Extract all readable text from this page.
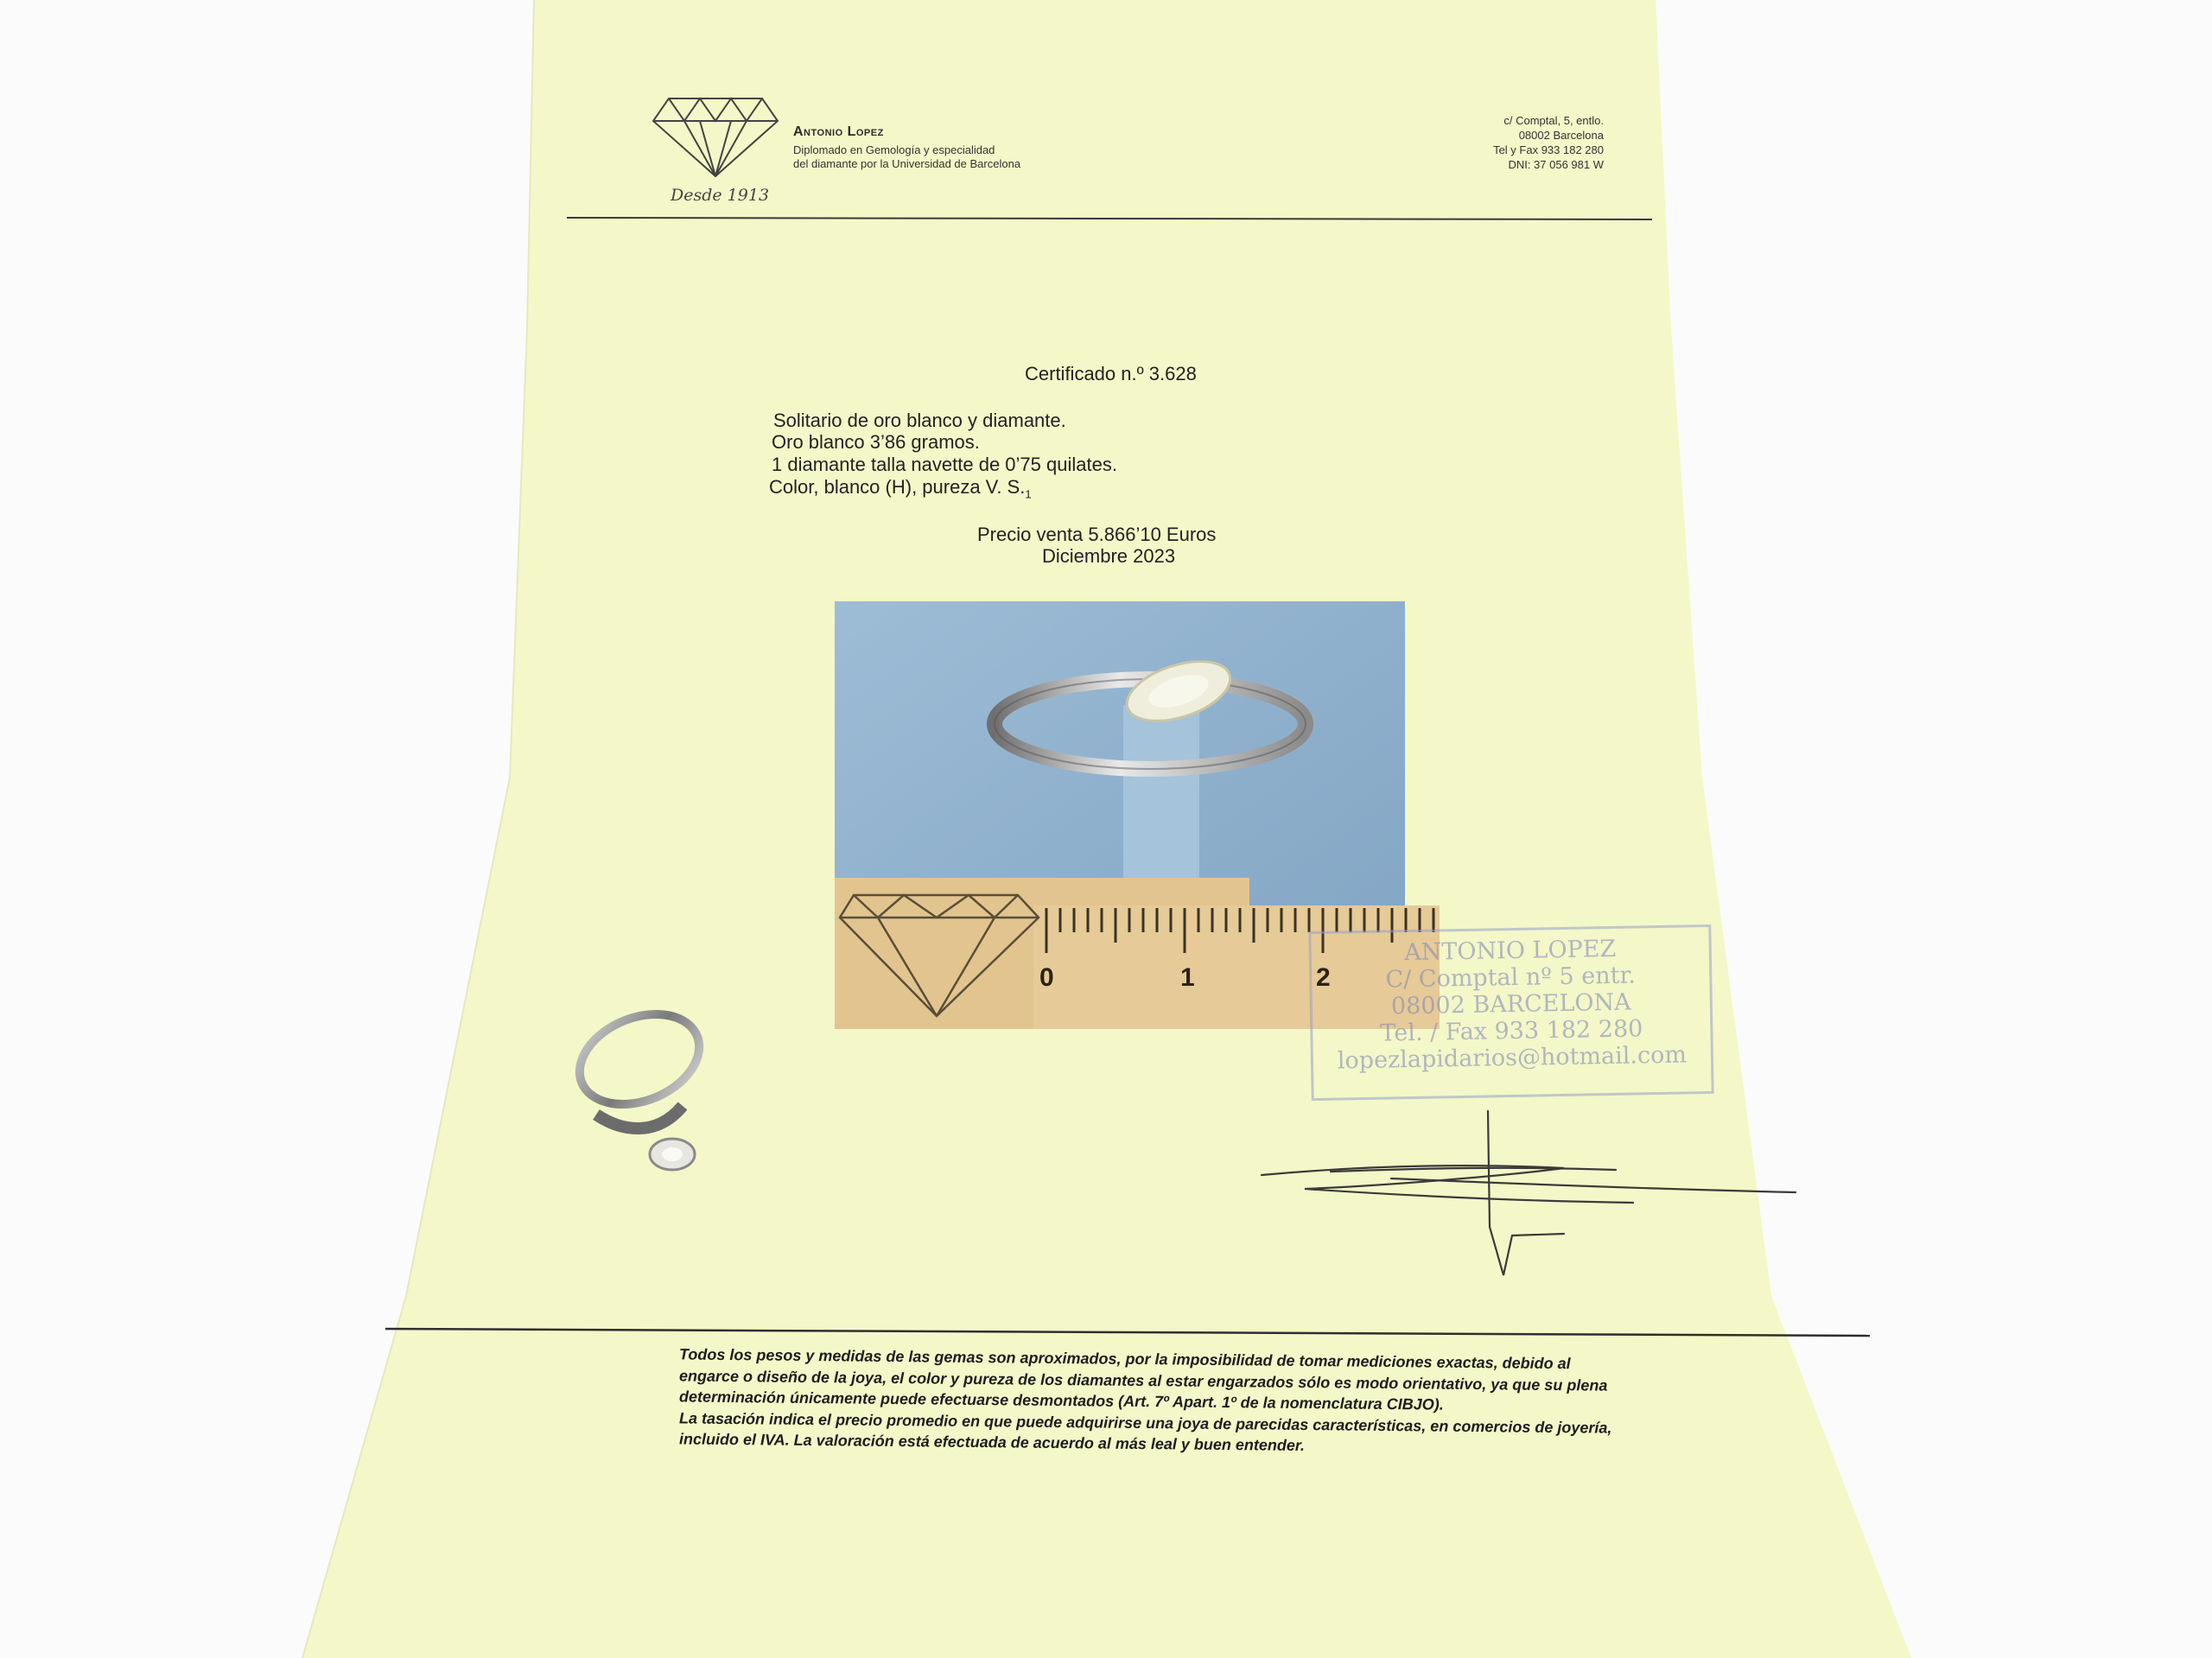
Desde 1913
Antonio Lopez
Diplomado en Gemología y especialidad
del diamante por la Universidad de Barcelona
c/ Comptal, 5, entlo.
08002 Barcelona
Tel y Fax 933 182 280
DNI: 37 056 981 W
Certificado n.º 3.628
Solitario de oro blanco y diamante.
Oro blanco 3’86 gramos.
1 diamante talla navette de 0’75 quilates.
Color, blanco (H), pureza V. $S._1$
Precio venta 5.866’10 Euros
Diciembre 2023
0	1	2
ANTONIO LOPEZ
C/ Comptal nº 5 entr.
08002 BARCELONA
Tel. / Fax 933 182 280
lopezlapidarios@hotmail.com
Todos los pesos y medidas de las gemas son aproximados, por la imposibilidad de tomar mediciones exactas, debido al
engarce o diseño de la joya, el color y pureza de los diamantes al estar engarzados sólo es modo orientativo, ya que su plena
determinación únicamente puede efectuarse desmontados (Art. 7º Apart. 1º de la nomenclatura CIBJO).
La tasación indica el precio promedio en que puede adquirirse una joya de parecidas características, en comercios de joyería,
incluido el IVA. La valoración está efectuada de acuerdo al más leal y buen entender.
